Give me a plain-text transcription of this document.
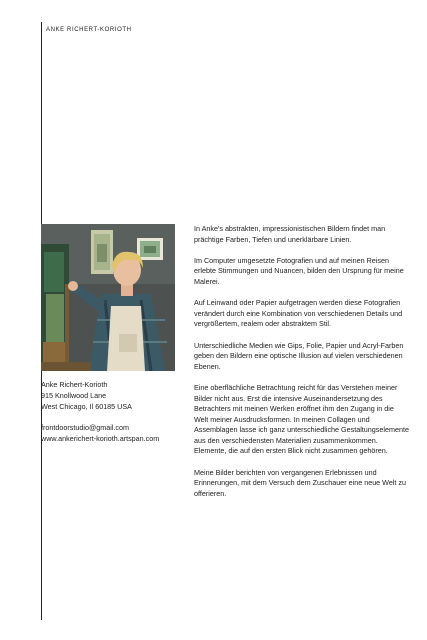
ANKE RICHERT-KORIOTH
Anke Richert-Korioth
915 Knollwood Lane
West Chicago, Il 60185 USA
frontdoorstudio@gmail.com
www.ankerichert-korioth.artspan.com

In Anke's abstrakten, impressionistischen Bildern findet man prächtige Farben, Tiefen und unerklärbare Linien.

Im Computer umgesetzte Fotografien und auf meinen Reisen erlebte Stimmungen und Nuancen, bilden den Ursprung für meine Malerei.

Auf Leinwand oder Papier aufgetragen werden diese Fotografien verändert durch eine Kombination von verschiedenen Details und vergrößertem, realem oder abstraktem Stil.

Unterschiedliche Medien wie Gips, Folie, Papier und Acryl-Farben geben den Bildern eine optische Illusion auf vielen verschiedenen Ebenen.

Eine oberflächliche Betrachtung reicht für das Verstehen meiner Bilder nicht aus. Erst die intensive Auseinandersetzung des Betrachters mit meinen Werken eröffnet ihm den Zugang in die Welt meiner Ausdrucksformen. In meinen Collagen und Assemblagen lasse ich ganz unterschiedliche Gestaltungselemente aus den verschiedensten Materialien zusammenkommen. Elemente, die auf den ersten Blick nicht zusammen gehören.

Meine Bilder berichten von vergangenen Erlebnissen und Erinnerungen, mit dem Versuch dem Zuschauer eine neue Welt zu offerieren.
